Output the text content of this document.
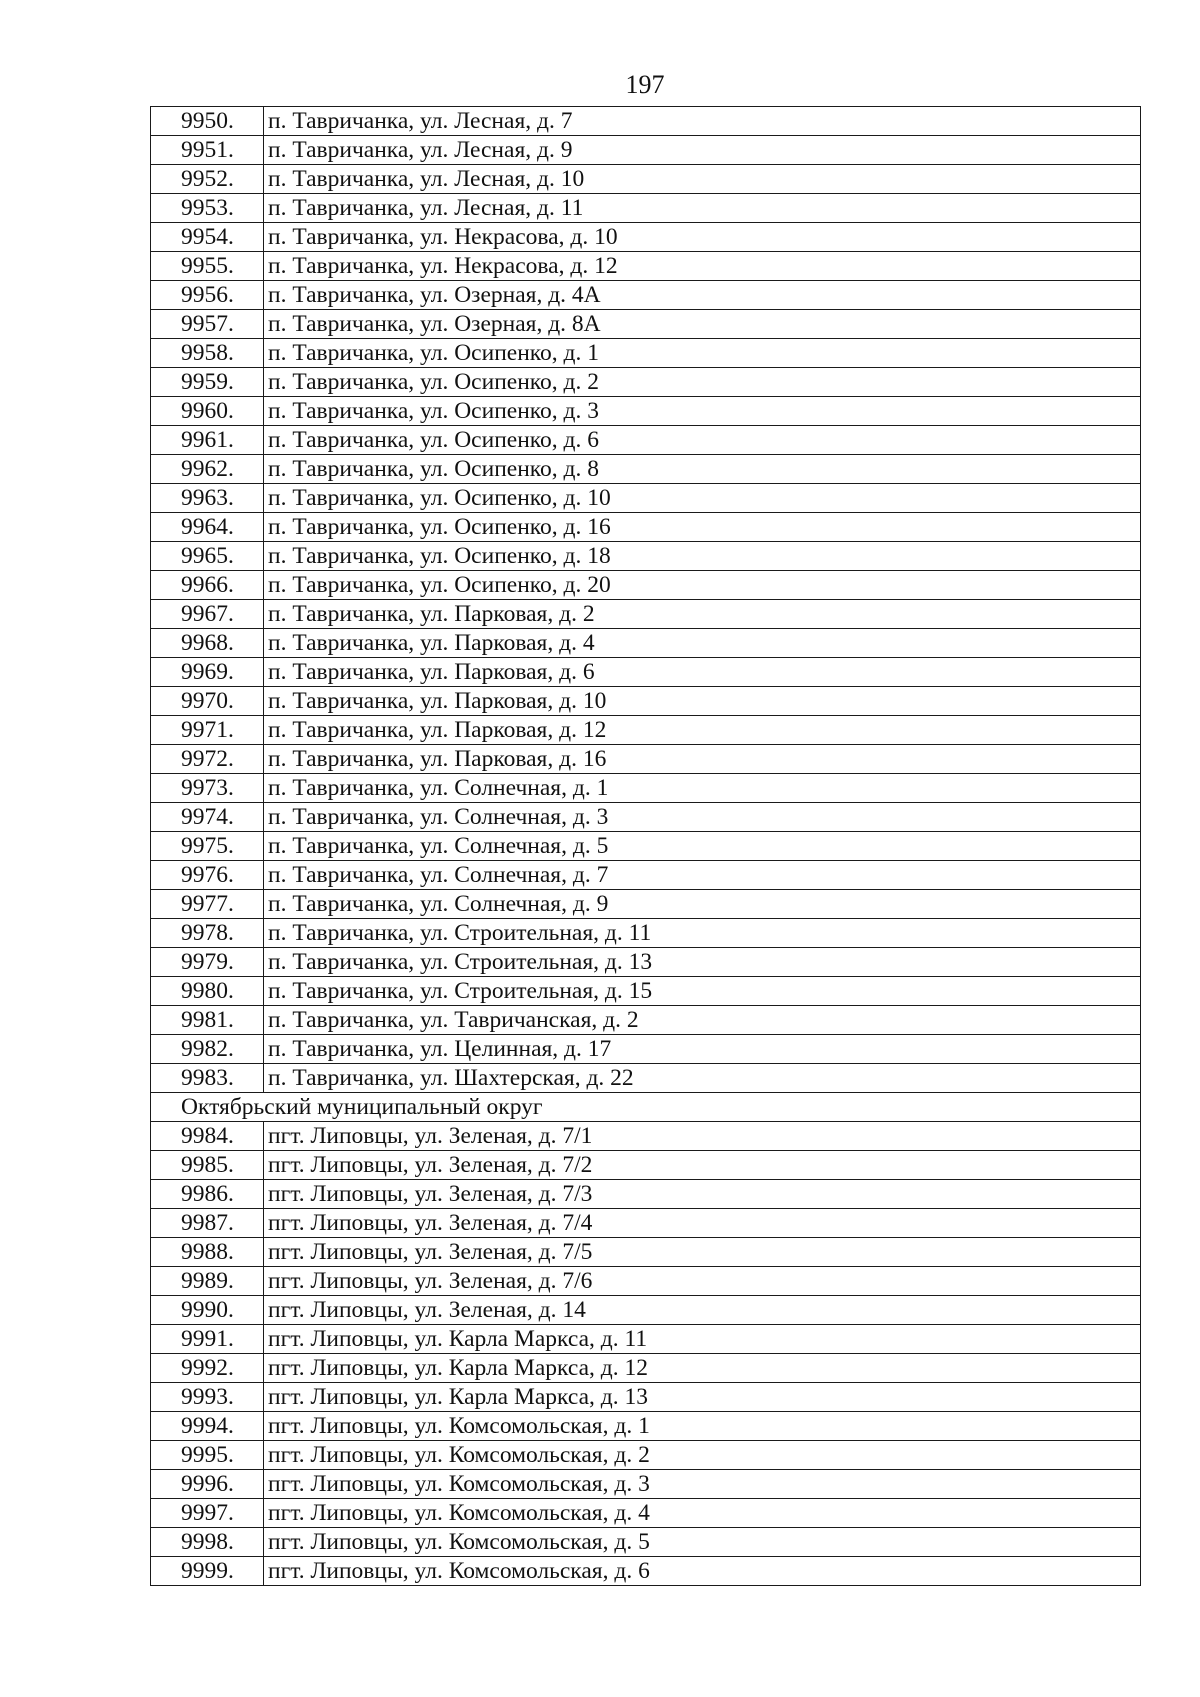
197
9950.	п. Тавричанка, ул. Лесная, д. 7
9951.	п. Тавричанка, ул. Лесная, д. 9
9952.	п. Тавричанка, ул. Лесная, д. 10
9953.	п. Тавричанка, ул. Лесная, д. 11
9954.	п. Тавричанка, ул. Некрасова, д. 10
9955.	п. Тавричанка, ул. Некрасова, д. 12
9956.	п. Тавричанка, ул. Озерная, д. 4А
9957.	п. Тавричанка, ул. Озерная, д. 8А
9958.	п. Тавричанка, ул. Осипенко, д. 1
9959.	п. Тавричанка, ул. Осипенко, д. 2
9960.	п. Тавричанка, ул. Осипенко, д. 3
9961.	п. Тавричанка, ул. Осипенко, д. 6
9962.	п. Тавричанка, ул. Осипенко, д. 8
9963.	п. Тавричанка, ул. Осипенко, д. 10
9964.	п. Тавричанка, ул. Осипенко, д. 16
9965.	п. Тавричанка, ул. Осипенко, д. 18
9966.	п. Тавричанка, ул. Осипенко, д. 20
9967.	п. Тавричанка, ул. Парковая, д. 2
9968.	п. Тавричанка, ул. Парковая, д. 4
9969.	п. Тавричанка, ул. Парковая, д. 6
9970.	п. Тавричанка, ул. Парковая, д. 10
9971.	п. Тавричанка, ул. Парковая, д. 12
9972.	п. Тавричанка, ул. Парковая, д. 16
9973.	п. Тавричанка, ул. Солнечная, д. 1
9974.	п. Тавричанка, ул. Солнечная, д. 3
9975.	п. Тавричанка, ул. Солнечная, д. 5
9976.	п. Тавричанка, ул. Солнечная, д. 7
9977.	п. Тавричанка, ул. Солнечная, д. 9
9978.	п. Тавричанка, ул. Строительная, д. 11
9979.	п. Тавричанка, ул. Строительная, д. 13
9980.	п. Тавричанка, ул. Строительная, д. 15
9981.	п. Тавричанка, ул. Тавричанская, д. 2
9982.	п. Тавричанка, ул. Целинная, д. 17
9983.	п. Тавричанка, ул. Шахтерская, д. 22
Октябрьский муниципальный округ	
9984.	пгт. Липовцы, ул. Зеленая, д. 7/1
9985.	пгт. Липовцы, ул. Зеленая, д. 7/2
9986.	пгт. Липовцы, ул. Зеленая, д. 7/3
9987.	пгт. Липовцы, ул. Зеленая, д. 7/4
9988.	пгт. Липовцы, ул. Зеленая, д. 7/5
9989.	пгт. Липовцы, ул. Зеленая, д. 7/6
9990.	пгт. Липовцы, ул. Зеленая, д. 14
9991.	пгт. Липовцы, ул. Карла Маркса, д. 11
9992.	пгт. Липовцы, ул. Карла Маркса, д. 12
9993.	пгт. Липовцы, ул. Карла Маркса, д. 13
9994.	пгт. Липовцы, ул. Комсомольская, д. 1
9995.	пгт. Липовцы, ул. Комсомольская, д. 2
9996.	пгт. Липовцы, ул. Комсомольская, д. 3
9997.	пгт. Липовцы, ул. Комсомольская, д. 4
9998.	пгт. Липовцы, ул. Комсомольская, д. 5
9999.	пгт. Липовцы, ул. Комсомольская, д. 6
